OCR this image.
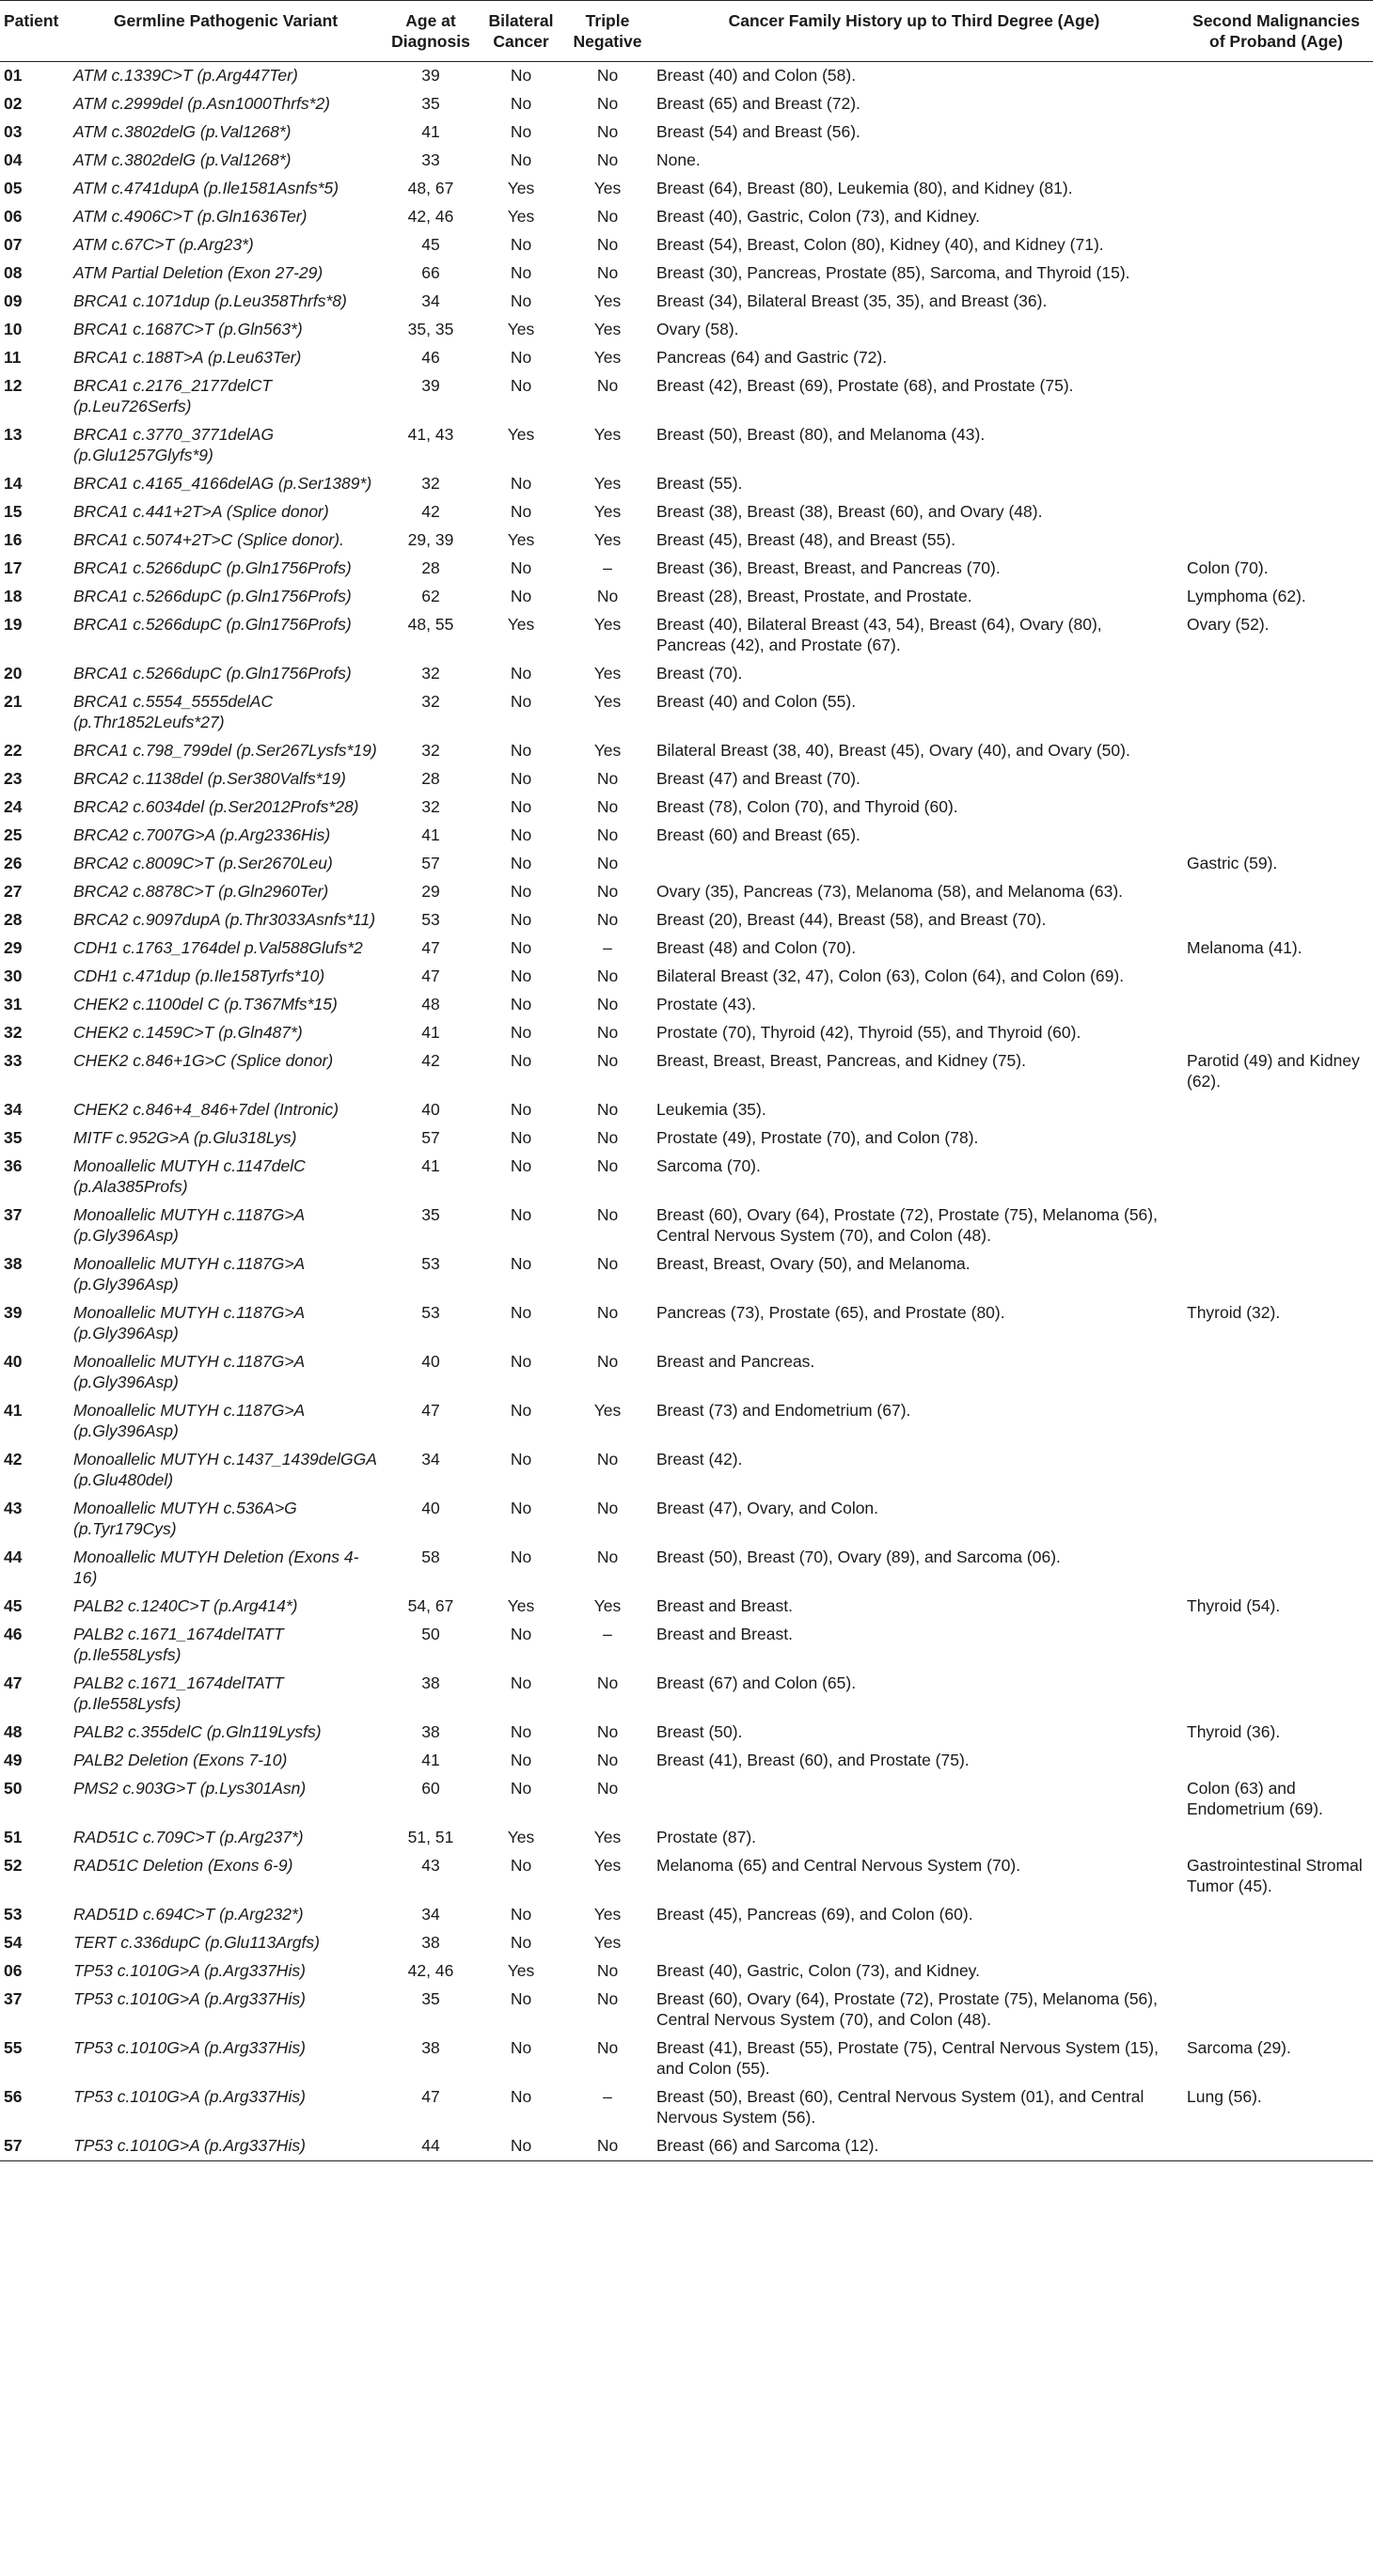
Patient	Germline Pathogenic Variant	Age at Diagnosis	Bilateral Cancer	Triple Negative	Cancer Family History up to Third Degree (Age)	Second Malignancies of Proband (Age)
01	ATM c.1339C>T (p.Arg447Ter)	39	No	No	Breast (40) and Colon (58).	
02	ATM c.2999del (p.Asn1000Thrfs*2)	35	No	No	Breast (65) and Breast (72).	
03	ATM c.3802delG (p.Val1268*)	41	No	No	Breast (54) and Breast (56).	
04	ATM c.3802delG (p.Val1268*)	33	No	No	None.	
05	ATM c.4741dupA (p.Ile1581Asnfs*5)	48, 67	Yes	Yes	Breast (64), Breast (80), Leukemia (80), and Kidney (81).	
06	ATM c.4906C>T (p.Gln1636Ter)	42, 46	Yes	No	Breast (40), Gastric, Colon (73), and Kidney.	
07	ATM c.67C>T (p.Arg23*)	45	No	No	Breast (54), Breast, Colon (80), Kidney (40), and Kidney (71).	
08	ATM Partial Deletion (Exon 27-29)	66	No	No	Breast (30), Pancreas, Prostate (85), Sarcoma, and Thyroid (15).	
09	BRCA1 c.1071dup (p.Leu358Thrfs*8)	34	No	Yes	Breast (34), Bilateral Breast (35, 35), and Breast (36).	
10	BRCA1 c.1687C>T (p.Gln563*)	35, 35	Yes	Yes	Ovary (58).	
11	BRCA1 c.188T>A (p.Leu63Ter)	46	No	Yes	Pancreas (64) and Gastric (72).	
12	BRCA1 c.2176_2177delCT (p.Leu726Serfs)	39	No	No	Breast (42), Breast (69), Prostate (68), and Prostate (75).	
13	BRCA1 c.3770_3771delAG (p.Glu1257Glyfs*9)	41, 43	Yes	Yes	Breast (50), Breast (80), and Melanoma (43).	
14	BRCA1 c.4165_4166delAG (p.Ser1389*)	32	No	Yes	Breast (55).	
15	BRCA1 c.441+2T>A (Splice donor)	42	No	Yes	Breast (38), Breast (38), Breast (60), and Ovary (48).	
16	BRCA1 c.5074+2T>C (Splice donor).	29, 39	Yes	Yes	Breast (45), Breast (48), and Breast (55).	
17	BRCA1 c.5266dupC (p.Gln1756Profs)	28	No	–	Breast (36), Breast, Breast, and Pancreas (70).	Colon (70).
18	BRCA1 c.5266dupC (p.Gln1756Profs)	62	No	No	Breast (28), Breast, Prostate, and Prostate.	Lymphoma (62).
19	BRCA1 c.5266dupC (p.Gln1756Profs)	48, 55	Yes	Yes	Breast (40), Bilateral Breast (43, 54), Breast (64), Ovary (80), Pancreas (42), and Prostate (67).	Ovary (52).
20	BRCA1 c.5266dupC (p.Gln1756Profs)	32	No	Yes	Breast (70).	
21	BRCA1 c.5554_5555delAC (p.Thr1852Leufs*27)	32	No	Yes	Breast (40) and Colon (55).	
22	BRCA1 c.798_799del (p.Ser267Lysfs*19)	32	No	Yes	Bilateral Breast (38, 40), Breast (45), Ovary (40), and Ovary (50).	
23	BRCA2 c.1138del (p.Ser380Valfs*19)	28	No	No	Breast (47) and Breast (70).	
24	BRCA2 c.6034del (p.Ser2012Profs*28)	32	No	No	Breast (78), Colon (70), and Thyroid (60).	
25	BRCA2 c.7007G>A (p.Arg2336His)	41	No	No	Breast (60) and Breast (65).	
26	BRCA2 c.8009C>T (p.Ser2670Leu)	57	No	No		Gastric (59).
27	BRCA2 c.8878C>T (p.Gln2960Ter)	29	No	No	Ovary (35), Pancreas (73), Melanoma (58), and Melanoma (63).	
28	BRCA2 c.9097dupA (p.Thr3033Asnfs*11)	53	No	No	Breast (20), Breast (44), Breast (58), and Breast (70).	
29	CDH1 c.1763_1764del p.Val588Glufs*2	47	No	–	Breast (48) and Colon (70).	Melanoma (41).
30	CDH1 c.471dup (p.Ile158Tyrfs*10)	47	No	No	Bilateral Breast (32, 47), Colon (63), Colon (64), and Colon (69).	
31	CHEK2 c.1100del C (p.T367Mfs*15)	48	No	No	Prostate (43).	
32	CHEK2 c.1459C>T (p.Gln487*)	41	No	No	Prostate (70), Thyroid (42), Thyroid (55), and Thyroid (60).	
33	CHEK2 c.846+1G>C (Splice donor)	42	No	No	Breast, Breast, Breast, Pancreas, and Kidney (75).	Parotid (49) and Kidney (62).
34	CHEK2 c.846+4_846+7del (Intronic)	40	No	No	Leukemia (35).	
35	MITF c.952G>A (p.Glu318Lys)	57	No	No	Prostate (49), Prostate (70), and Colon (78).	
36	Monoallelic MUTYH c.1147delC (p.Ala385Profs)	41	No	No	Sarcoma (70).	
37	Monoallelic MUTYH c.1187G>A (p.Gly396Asp)	35	No	No	Breast (60), Ovary (64), Prostate (72), Prostate (75), Melanoma (56), Central Nervous System (70), and Colon (48).	
38	Monoallelic MUTYH c.1187G>A (p.Gly396Asp)	53	No	No	Breast, Breast, Ovary (50), and Melanoma.	
39	Monoallelic MUTYH c.1187G>A (p.Gly396Asp)	53	No	No	Pancreas (73), Prostate (65), and Prostate (80).	Thyroid (32).
40	Monoallelic MUTYH c.1187G>A (p.Gly396Asp)	40	No	No	Breast and Pancreas.	
41	Monoallelic MUTYH c.1187G>A (p.Gly396Asp)	47	No	Yes	Breast (73) and Endometrium (67).	
42	Monoallelic MUTYH c.1437_1439delGGA (p.Glu480del)	34	No	No	Breast (42).	
43	Monoallelic MUTYH c.536A>G (p.Tyr179Cys)	40	No	No	Breast (47), Ovary, and Colon.	
44	Monoallelic MUTYH Deletion (Exons 4-16)	58	No	No	Breast (50), Breast (70), Ovary (89), and Sarcoma (06).	
45	PALB2 c.1240C>T (p.Arg414*)	54, 67	Yes	Yes	Breast and Breast.	Thyroid (54).
46	PALB2 c.1671_1674delTATT (p.Ile558Lysfs)	50	No	–	Breast and Breast.	
47	PALB2 c.1671_1674delTATT (p.Ile558Lysfs)	38	No	No	Breast (67) and Colon (65).	
48	PALB2 c.355delC (p.Gln119Lysfs)	38	No	No	Breast (50).	Thyroid (36).
49	PALB2 Deletion (Exons 7-10)	41	No	No	Breast (41), Breast (60), and Prostate (75).	
50	PMS2 c.903G>T (p.Lys301Asn)	60	No	No		Colon (63) and Endometrium (69).
51	RAD51C c.709C>T (p.Arg237*)	51, 51	Yes	Yes	Prostate (87).	
52	RAD51C Deletion (Exons 6-9)	43	No	Yes	Melanoma (65) and Central Nervous System (70).	Gastrointestinal Stromal Tumor (45).
53	RAD51D c.694C>T (p.Arg232*)	34	No	Yes	Breast (45), Pancreas (69), and Colon (60).	
54	TERT c.336dupC (p.Glu113Argfs)	38	No	Yes		
06	TP53 c.1010G>A (p.Arg337His)	42, 46	Yes	No	Breast (40), Gastric, Colon (73), and Kidney.	
37	TP53 c.1010G>A (p.Arg337His)	35	No	No	Breast (60), Ovary (64), Prostate (72), Prostate (75), Melanoma (56), Central Nervous System (70), and Colon (48).	
55	TP53 c.1010G>A (p.Arg337His)	38	No	No	Breast (41), Breast (55), Prostate (75), Central Nervous System (15), and Colon (55).	Sarcoma (29).
56	TP53 c.1010G>A (p.Arg337His)	47	No	–	Breast (50), Breast (60), Central Nervous System (01), and Central Nervous System (56).	Lung (56).
57	TP53 c.1010G>A (p.Arg337His)	44	No	No	Breast (66) and Sarcoma (12).	
